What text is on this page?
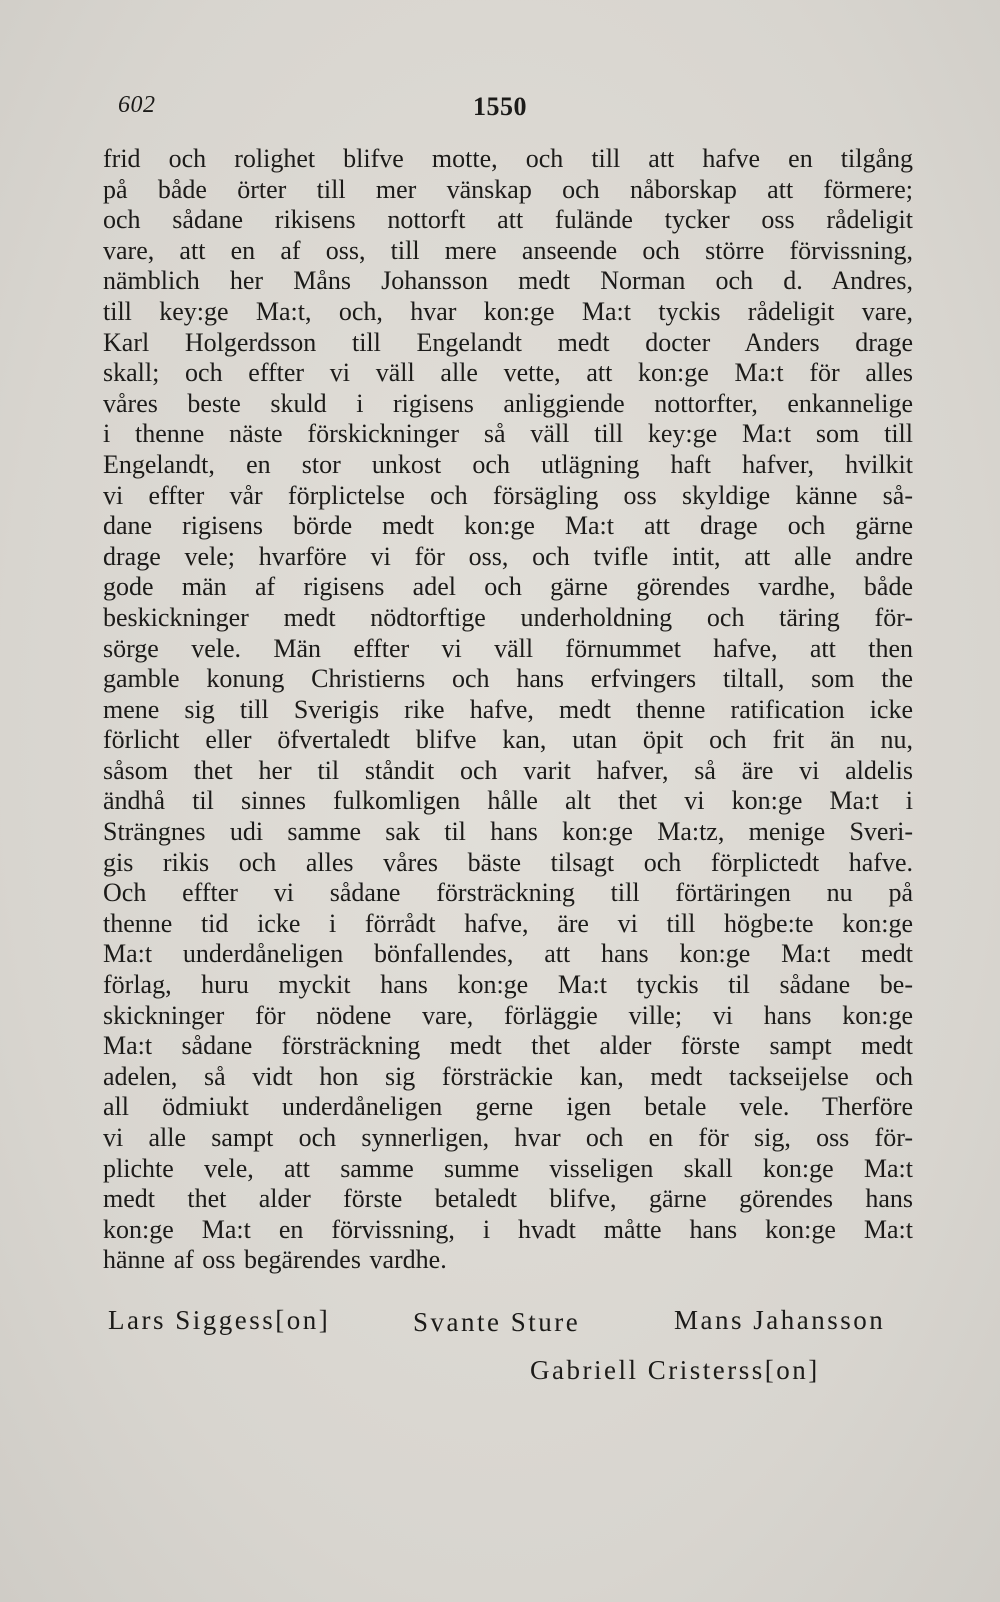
602	1550
frid och rolighet blifve motte, och till att hafve en tilgång
på både örter till mer vänskap och nåborskap att förmere;
och sådane rikisens nottorft att fulände tycker oss rådeligit
vare, att en af oss, till mere anseende och större förvissning,
nämblich her Måns Johansson medt Norman och d. Andres,
till key:ge Ma:t, och, hvar kon:ge Ma:t tyckis rådeligit vare,
Karl Holgerdsson till Engelandt medt docter Anders drage
skall; och effter vi väll alle vette, att kon:ge Ma:t för alles
våres beste skuld i rigisens anliggiende nottorfter, enkannelige
i thenne näste förskickninger så väll till key:ge Ma:t som till
Engelandt, en stor unkost och utlägning haft hafver, hvilkit
vi effter vår förplictelse och försägling oss skyldige känne så-
dane rigisens börde medt kon:ge Ma:t att drage och gärne
drage vele; hvarföre vi för oss, och tvifle intit, att alle andre
gode män af rigisens adel och gärne görendes vardhe, både
beskickninger medt nödtorftige underholdning och täring för-
sörge vele. Män effter vi väll förnummet hafve, att then
gamble konung Christierns och hans erfvingers tiltall, som the
mene sig till Sverigis rike hafve, medt thenne ratification icke
förlicht eller öfvertaledt blifve kan, utan öpit och frit än nu,
såsom thet her til ståndit och varit hafver, så äre vi aldelis
ändhå til sinnes fulkomligen hålle alt thet vi kon:ge Ma:t i
Strängnes udi samme sak til hans kon:ge Ma:tz, menige Sveri-
gis rikis och alles våres bäste tilsagt och förplictedt hafve.
Och effter vi sådane försträckning till förtäringen nu på
thenne tid icke i förrådt hafve, äre vi till högbe:te kon:ge
Ma:t underdåneligen bönfallendes, att hans kon:ge Ma:t medt
förlag, huru myckit hans kon:ge Ma:t tyckis til sådane be-
skickninger för nödene vare, förläggie ville; vi hans kon:ge
Ma:t sådane försträckning medt thet alder förste sampt medt
adelen, så vidt hon sig försträckie kan, medt tackseijelse och
all ödmiukt underdåneligen gerne igen betale vele. Therföre
vi alle sampt och synnerligen, hvar och en för sig, oss för-
plichte vele, att samme summe visseligen skall kon:ge Ma:t
medt thet alder förste betaledt blifve, gärne görendes hans
kon:ge Ma:t en förvissning, i hvadt måtte hans kon:ge Ma:t
hänne af oss begärendes vardhe.
Lars Siggess[on]	Svante Sture	Mans Jahansson
Gabriell Cristerss[on]
